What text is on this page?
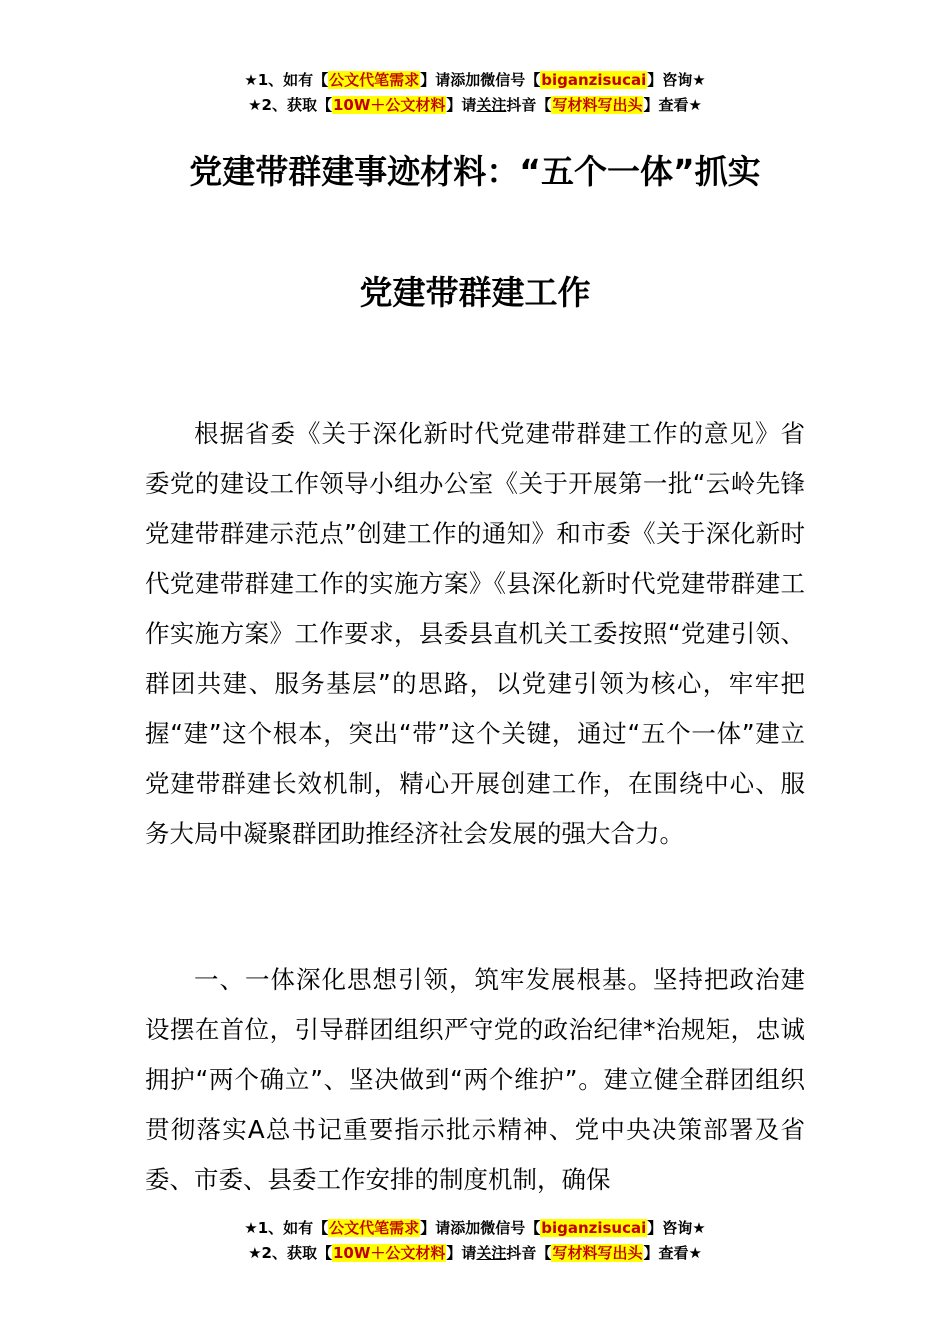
★1、如有【公文代笔需求】请添加微信号【biganzisucai】咨询★
★2、获取【10W＋公文材料】请关注抖音【写材料写出头】查看★
党建带群建事迹材料：“五个一体”抓实
党建带群建工作

根据省委《关于深化新时代党建带群建工作的意见》省委党的建设工作领导小组办公室《关于开展第一批“云岭先锋党建带群建示范点”创建工作的通知》和市委《关于深化新时代党建带群建工作的实施方案》《县深化新时代党建带群建工作实施方案》工作要求，县委县直机关工委按照“党建引领、群团共建、服务基层”的思路，以党建引领为核心，牢牢把握“建”这个根本，突出“带”这个关键，通过“五个一体”建立党建带群建长效机制，精心开展创建工作，在围绕中心、服务大局中凝聚群团助推经济社会发展的强大合力。

一、一体深化思想引领，筑牢发展根基。坚持把政治建设摆在首位，引导群团组织严守党的政治纪律*治规矩，忠诚拥护“两个确立”、坚决做到“两个维护”。建立健全群团组织贯彻落实A总书记重要指示批示精神、党中央决策部署及省委、市委、县委工作安排的制度机制，确保

★1、如有【公文代笔需求】请添加微信号【biganzisucai】咨询★
★2、获取【10W＋公文材料】请关注抖音【写材料写出头】查看★
